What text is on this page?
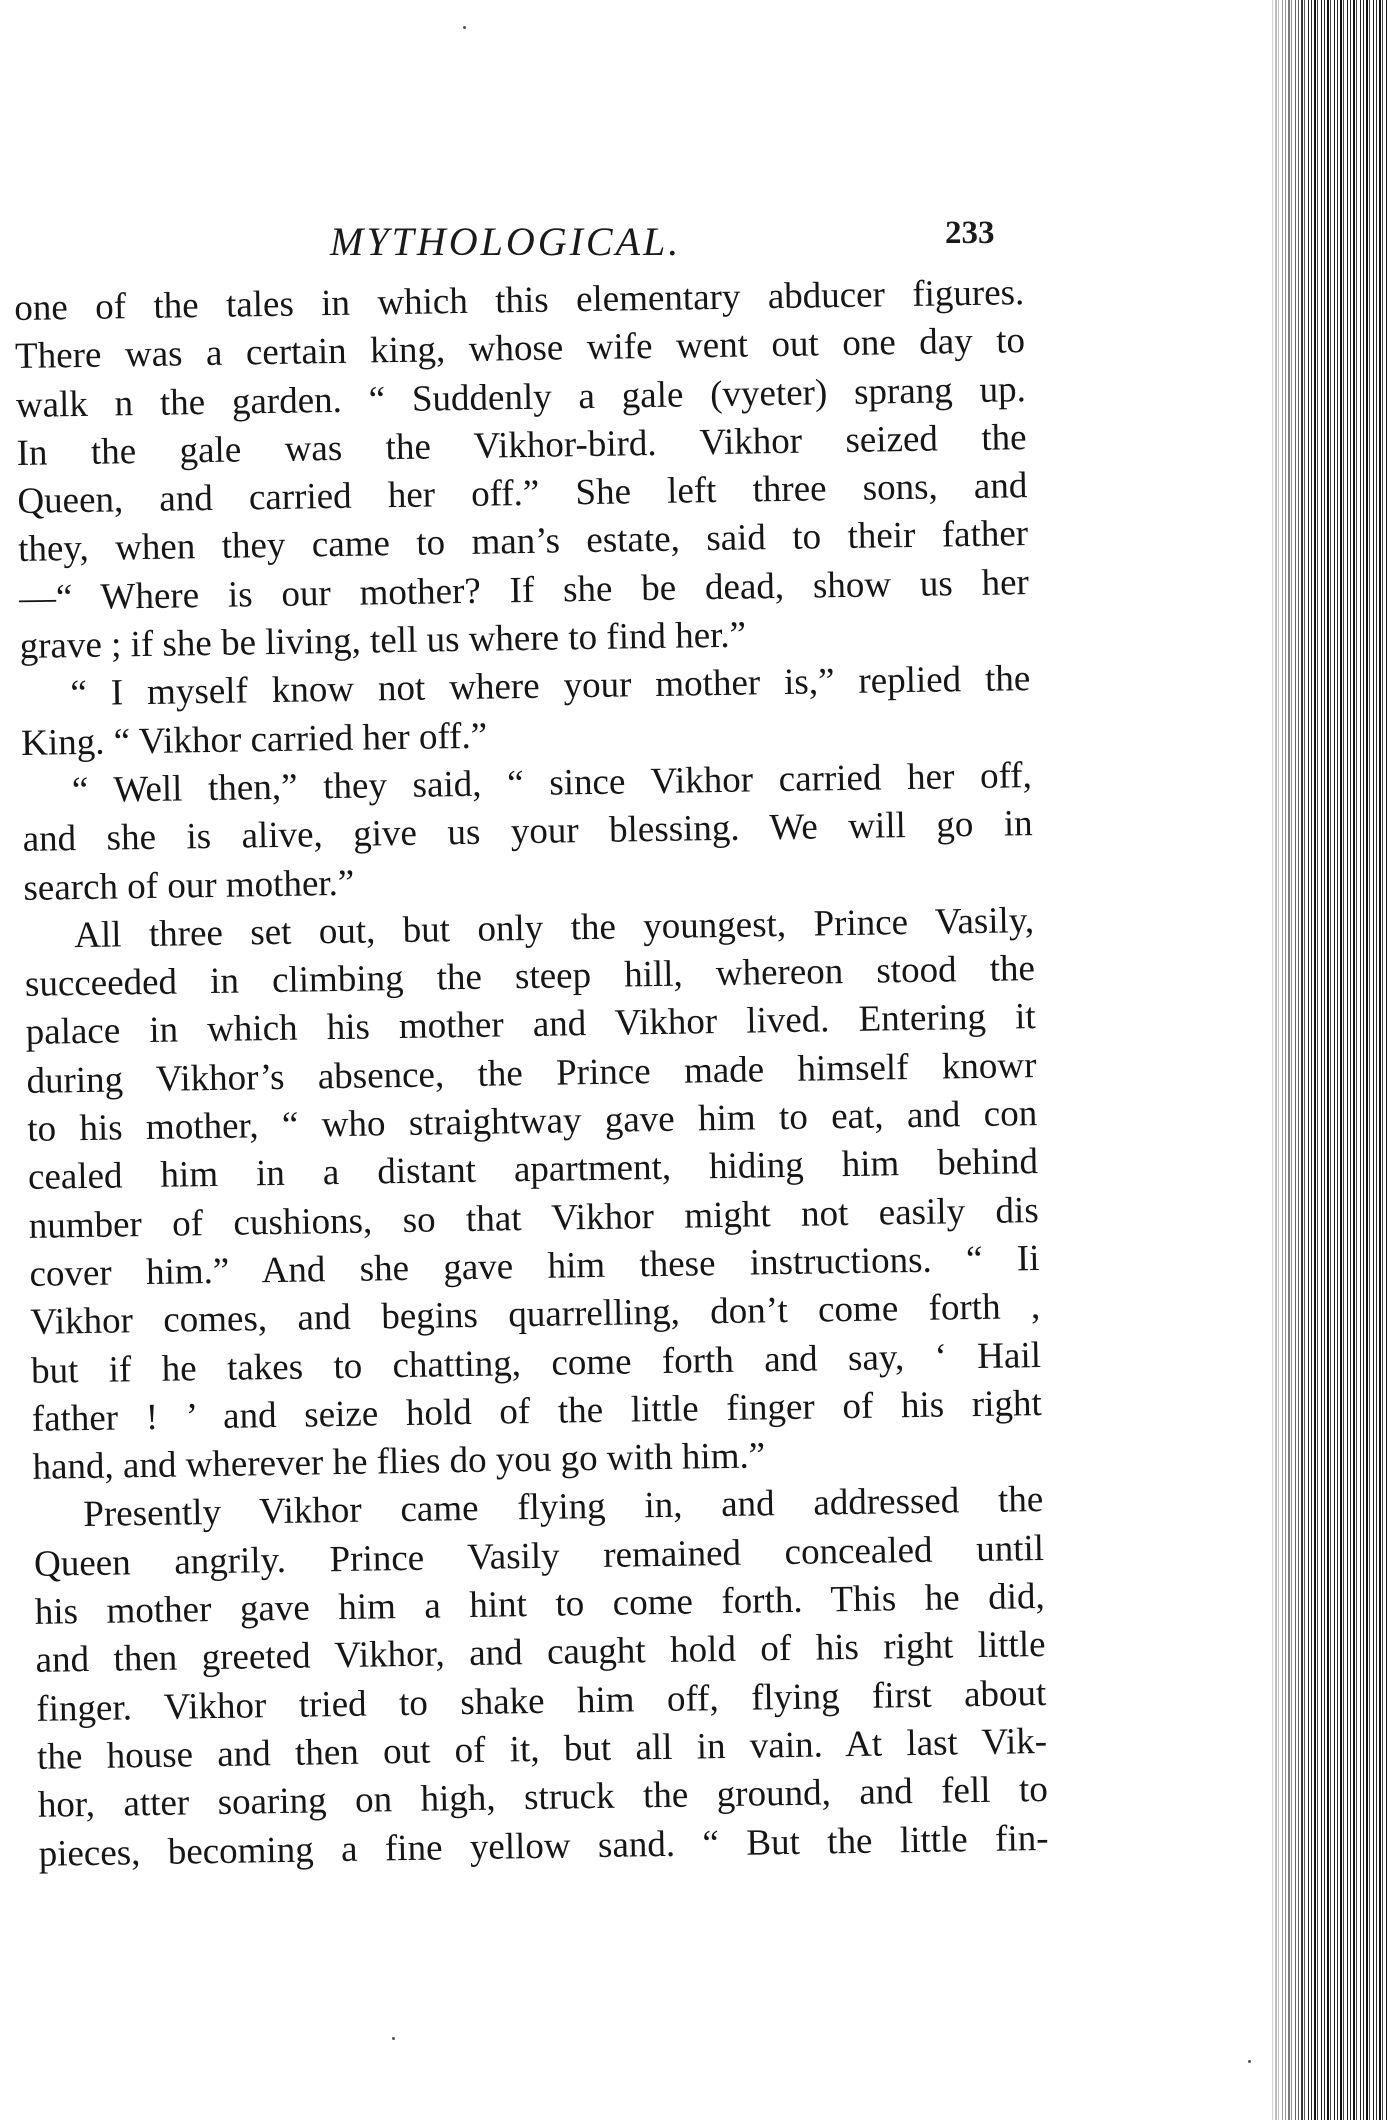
MYTHOLOGICAL.	233
one of the tales in which this elementary abducer figures.
There was a certain king, whose wife went out one day to
walk n the garden. “ Suddenly a gale (vyeter) sprang up.
In the gale was the Vikhor-bird. Vikhor seized the
Queen, and carried her off.” She left three sons, and
they, when they came to man’s estate, said to their father
—“ Where is our mother? If she be dead, show us her
grave ; if she be living, tell us where to find her.”
“ I myself know not where your mother is,” replied the
King. “ Vikhor carried her off.”
“ Well then,” they said, “ since Vikhor carried her off,
and she is alive, give us your blessing. We will go in
search of our mother.”
All three set out, but only the youngest, Prince Vasily,
succeeded in climbing the steep hill, whereon stood the
palace in which his mother and Vikhor lived. Entering it
during Vikhor’s absence, the Prince made himself knowr
to his mother, “ who straightway gave him to eat, and con
cealed him in a distant apartment, hiding him behind
number of cushions, so that Vikhor might not easily dis
cover him.” And she gave him these instructions. “ Ii
Vikhor comes, and begins quarrelling, don’t come forth ,
but if he takes to chatting, come forth and say, ‘ Hail
father ! ’ and seize hold of the little finger of his right
hand, and wherever he flies do you go with him.”
Presently Vikhor came flying in, and addressed the
Queen angrily. Prince Vasily remained concealed until
his mother gave him a hint to come forth. This he did,
and then greeted Vikhor, and caught hold of his right little
finger. Vikhor tried to shake him off, flying first about
the house and then out of it, but all in vain. At last Vik-
hor, atter soaring on high, struck the ground, and fell to
pieces, becoming a fine yellow sand. “ But the little fin-
